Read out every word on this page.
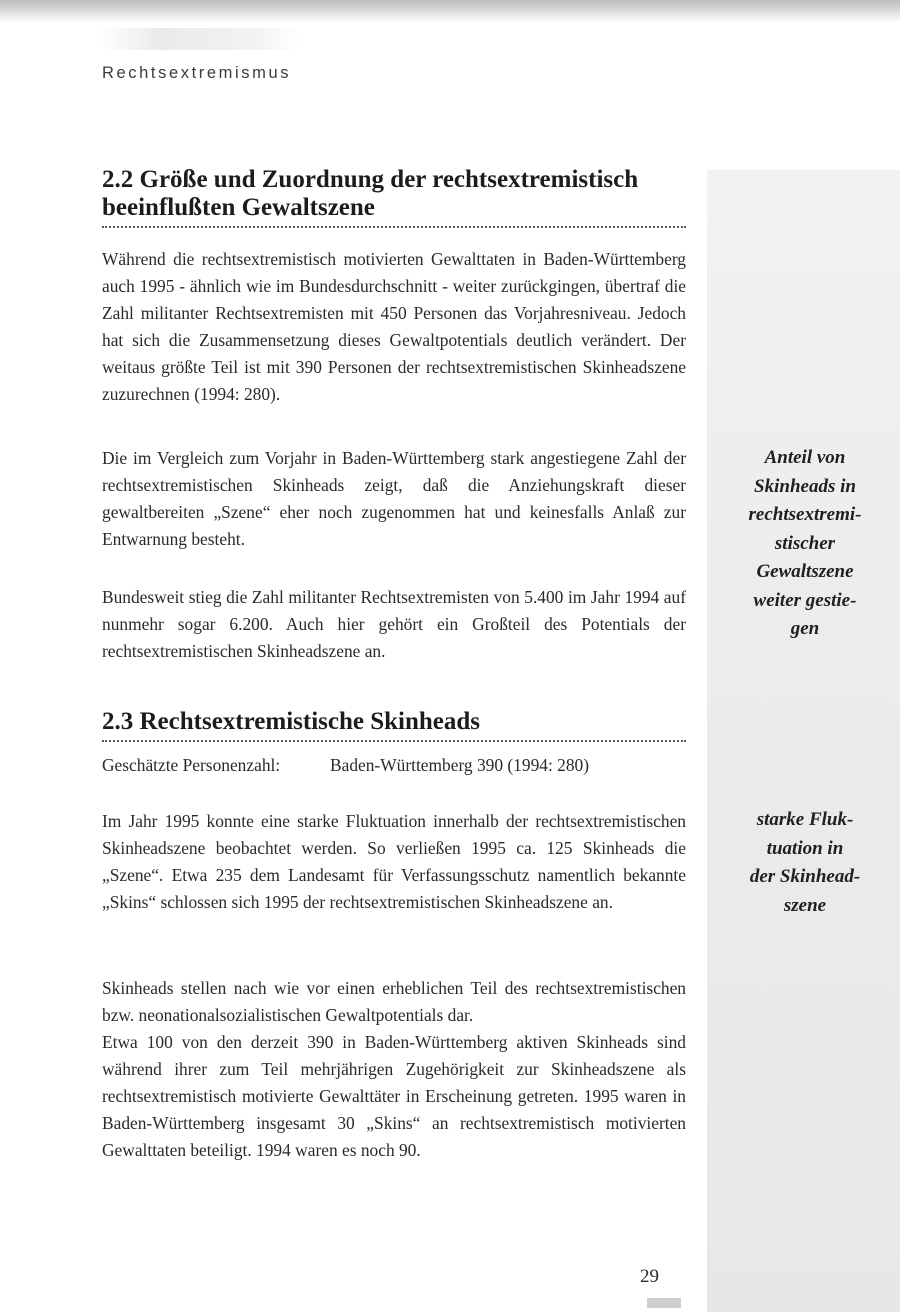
Rechtsextremismus
2.2 Größe und Zuordnung der rechtsextremistisch beeinflußten Gewaltszene

Während die rechtsextremistisch motivierten Gewalttaten in Baden-Württemberg auch 1995 - ähnlich wie im Bundesdurchschnitt - weiter zurückgingen, übertraf die Zahl militanter Rechtsextremisten mit 450 Personen das Vorjahresniveau. Jedoch hat sich die Zusammensetzung dieses Gewaltpotentials deutlich verändert. Der weitaus größte Teil ist mit 390 Personen der rechtsextremistischen Skinheadszene zuzurechnen (1994: 280).

Die im Vergleich zum Vorjahr in Baden-Württemberg stark angestiegene Zahl der rechtsextremistischen Skinheads zeigt, daß die Anziehungskraft dieser gewaltbereiten „Szene“ eher noch zugenommen hat und keinesfalls Anlaß zur Entwarnung besteht.

Bundesweit stieg die Zahl militanter Rechtsextremisten von 5.400 im Jahr 1994 auf nunmehr sogar 6.200. Auch hier gehört ein Großteil des Potentials der rechtsextremistischen Skinheadszene an.

Anteil von
Skinheads in
rechtsextremi-
stischer
Gewaltszene
weiter gestie-
gen
2.3 Rechtsextremistische Skinheads
Geschätzte Personenzahl:	Baden-Württemberg 390 (1994: 280)

Im Jahr 1995 konnte eine starke Fluktuation innerhalb der rechtsextremistischen Skinheadszene beobachtet werden. So verließen 1995 ca. 125 Skinheads die „Szene“. Etwa 235 dem Landesamt für Verfassungsschutz namentlich bekannte „Skins“ schlossen sich 1995 der rechtsextremistischen Skinheadszene an.

Skinheads stellen nach wie vor einen erheblichen Teil des rechtsextremistischen bzw. neonationalsozialistischen Gewaltpotentials dar.

Etwa 100 von den derzeit 390 in Baden-Württemberg aktiven Skinheads sind während ihrer zum Teil mehrjährigen Zugehörigkeit zur Skinheadszene als rechtsextremistisch motivierte Gewalttäter in Erscheinung getreten. 1995 waren in Baden-Württemberg insgesamt 30 „Skins“ an rechtsextremistisch motivierten Gewalttaten beteiligt. 1994 waren es noch 90.

starke Fluk-
tuation in
der Skinhead-
szene
29
